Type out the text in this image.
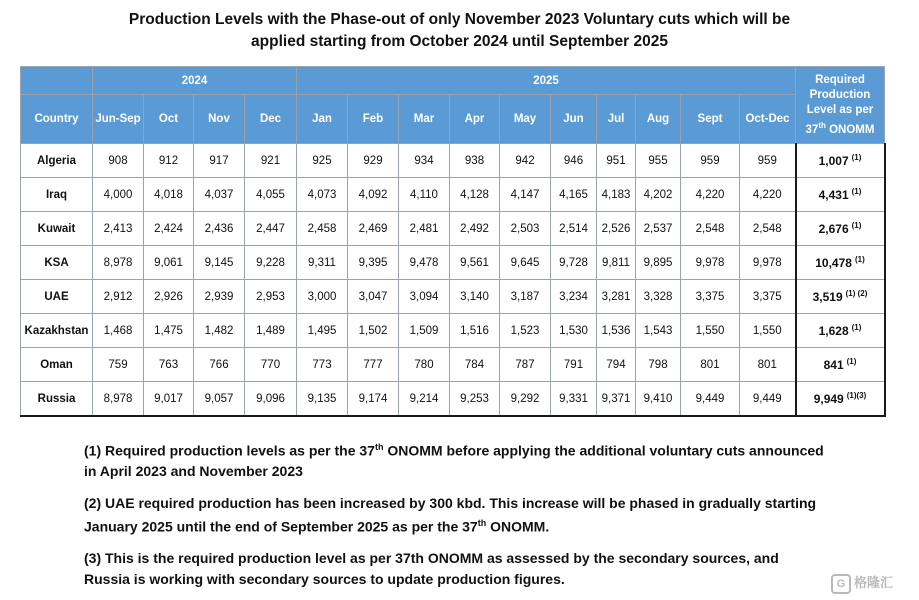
Production Levels with the Phase-out of only November 2023 Voluntary cuts which will be
applied starting from October 2024 until September 2025
	2024				2025										Required
Production
Level as per
37th ONOMM
Country	Jun-Sep	Oct	Nov	Dec	Jan	Feb	Mar	Apr	May	Jun	Jul	Aug	Sept	Oct-Dec	
Algeria	908	912	917	921	925	929	934	938	942	946	951	955	959	959	1,007 $^{(1)}$
Iraq	4,000	4,018	4,037	4,055	4,073	4,092	4,110	4,128	4,147	4,165	4,183	4,202	4,220	4,220	4,431 $^{(1)}$
Kuwait	2,413	2,424	2,436	2,447	2,458	2,469	2,481	2,492	2,503	2,514	2,526	2,537	2,548	2,548	2,676 $^{(1)}$
KSA	8,978	9,061	9,145	9,228	9,311	9,395	9,478	9,561	9,645	9,728	9,811	9,895	9,978	9,978	10,478 $^{(1)}$
UAE	2,912	2,926	2,939	2,953	3,000	3,047	3,094	3,140	3,187	3,234	3,281	3,328	3,375	3,375	3,519 $^{(1) (2)}$
Kazakhstan	1,468	1,475	1,482	1,489	1,495	1,502	1,509	1,516	1,523	1,530	1,536	1,543	1,550	1,550	1,628 $^{(1)}$
Oman	759	763	766	770	773	777	780	784	787	791	794	798	801	801	841 $^{(1)}$
Russia	8,978	9,017	9,057	9,096	9,135	9,174	9,214	9,253	9,292	9,331	9,371	9,410	9,449	9,449	9,949 $^{(1)(3)}$
(1) Required production levels as per the 37th ONOMM before applying the additional voluntary cuts announced in April 2023 and November 2023
(2) UAE required production has been increased by 300 kbd. This increase will be phased in gradually starting January 2025 until the end of September 2025 as per the 37th ONOMM.
(3) This is the required production level as per 37th ONOMM as assessed by the secondary sources, and Russia is working with secondary sources to update production figures.	G 格隆汇
